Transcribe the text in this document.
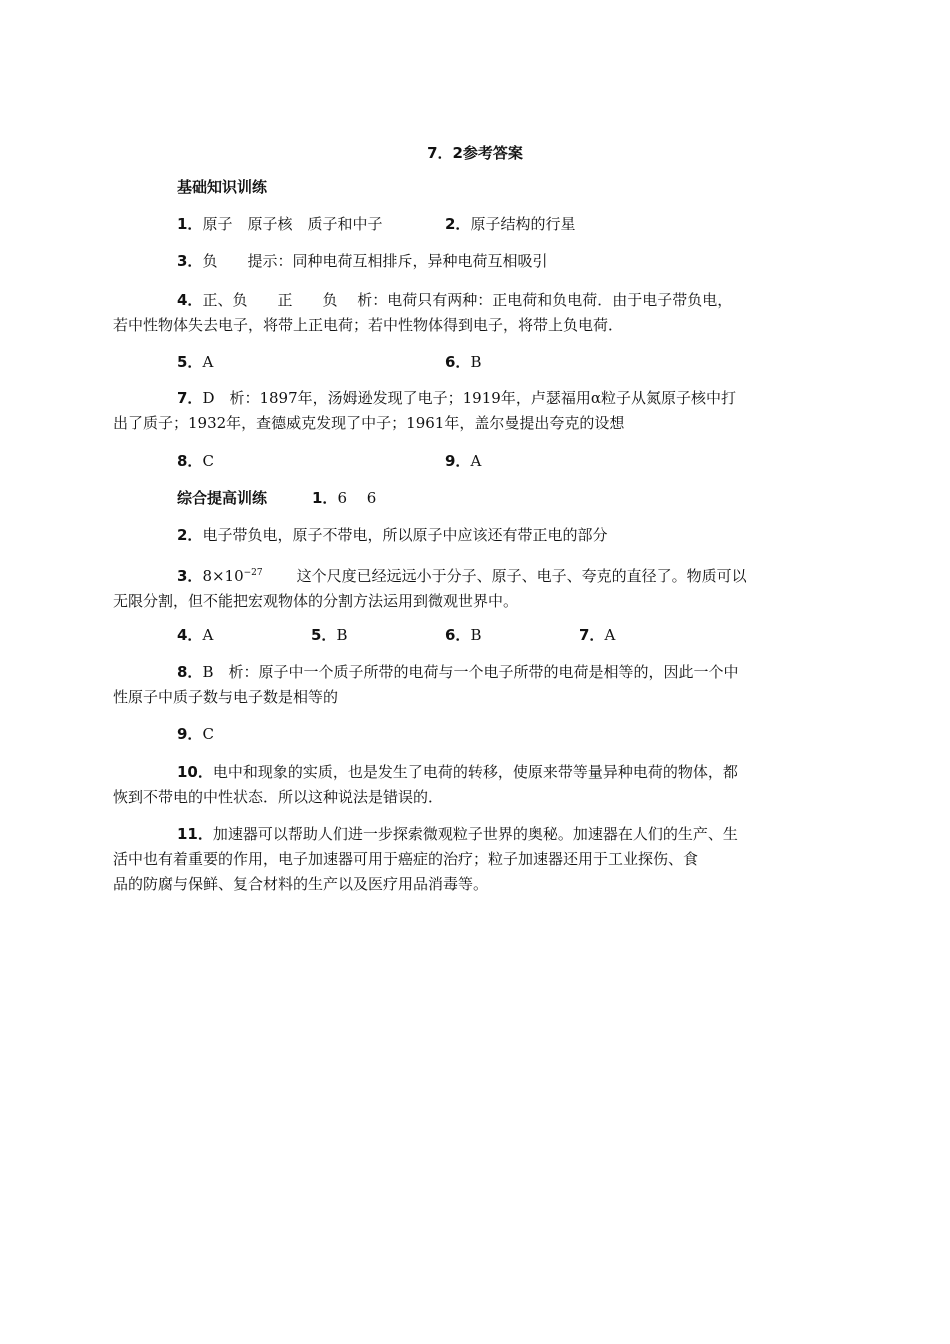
7．2参考答案
基础知识训练
1．原子　原子核　质子和中子	2．原子结构的行星
3．负　　提示：同种电荷互相排斥，异种电荷互相吸引
4．正、负　　正　　负　 析：电荷只有两种：正电荷和负电荷．由于电子带负电，
若中性物体失去电子，将带上正电荷；若中性物体得到电子，将带上负电荷．
5．A	6．B
7．D　析：1897年，汤姆逊发现了电子；1919年，卢瑟福用α粒子从氮原子核中打
出了质子；1932年，查德威克发现了中子；1961年，盖尔曼提出夸克的设想
8．C	9．A
综合提高训练	1．6　 6
2．电子带负电，原子不带电，所以原子中应该还有带正电的部分
3．$8\times 10^{-27}$ 这个尺度已经远远小于分子、原子、电子、夸克的直径了。物质可以
无限分割，但不能把宏观物体的分割方法运用到微观世界中。
4．A	5．B	6．B	7．A
8．B　析：原子中一个质子所带的电荷与一个电子所带的电荷是相等的，因此一个中
性原子中质子数与电子数是相等的
9．C
10．电中和现象的实质，也是发生了电荷的转移，使原来带等量异种电荷的物体，都
恢到不带电的中性状态．所以这种说法是错误的．
11．加速器可以帮助人们进一步探索微观粒子世界的奥秘。加速器在人们的生产、生
活中也有着重要的作用，电子加速器可用于癌症的治疗；粒子加速器还用于工业探伤、食
品的防腐与保鲜、复合材料的生产以及医疗用品消毒等。
